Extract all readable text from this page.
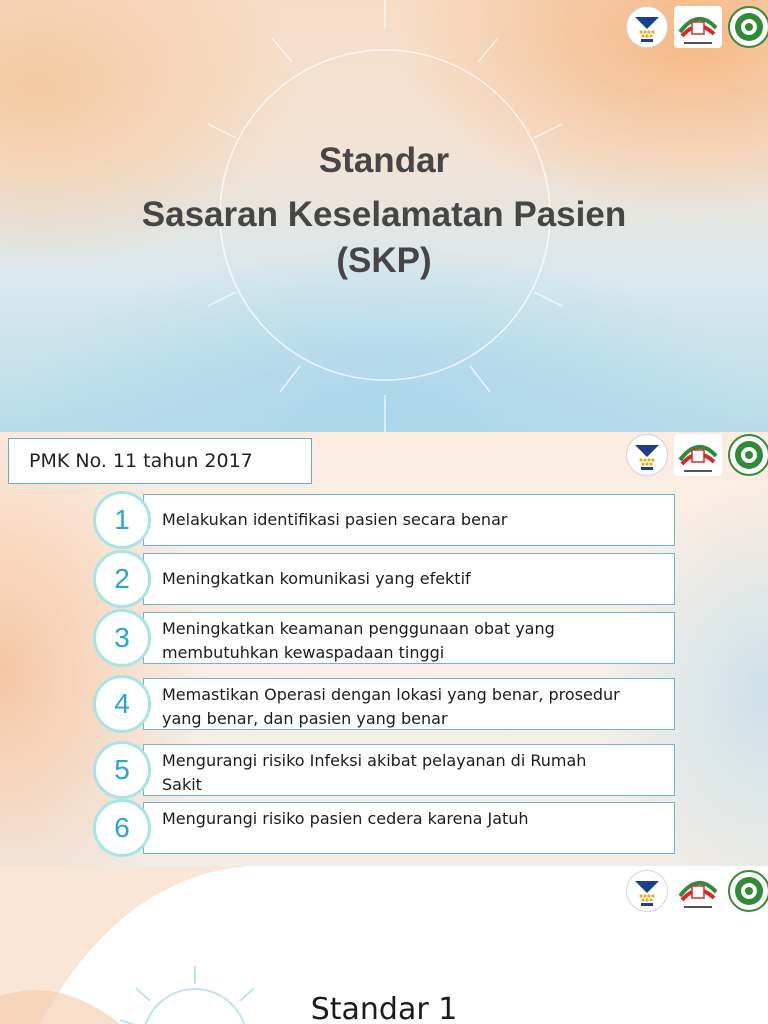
Standar
Sasaran Keselamatan Pasien
(SKP)
PMK No. 11 tahun 2017
1	Melakukan identifikasi pasien secara benar
2	Meningkatkan komunikasi yang efektif
3	Meningkatkan keamanan penggunaan obat yang
membutuhkan kewaspadaan tinggi
4	Memastikan Operasi dengan lokasi yang benar, prosedur
yang benar, dan pasien yang benar
5	Mengurangi risiko Infeksi akibat pelayanan di Rumah
Sakit
6	Mengurangi risiko pasien cedera karena Jatuh
Standar 1
